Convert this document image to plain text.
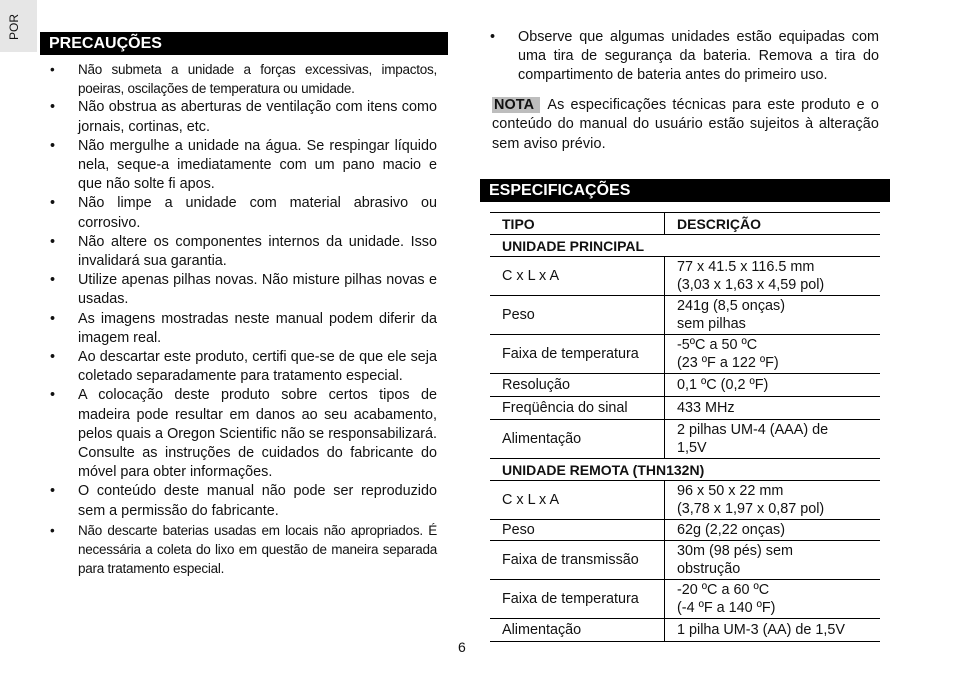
POR
PRECAUÇÕES
• Não submeta a unidade a forças excessivas, impactos, poeiras, oscilações de temperatura ou umidade.
• Não obstrua as aberturas de ventilação com itens como jornais, cortinas, etc.
• Não mergulhe a unidade na água. Se respingar líquido nela, seque-a imediatamente com um pano macio e que não solte fi apos.
• Não limpe a unidade com material abrasivo ou corrosivo.
• Não altere os componentes internos da unidade. Isso invalidará sua garantia.
• Utilize apenas pilhas novas. Não misture pilhas novas e usadas.
• As imagens mostradas neste manual podem diferir da imagem real.
• Ao descartar este produto, certifi que-se de que ele seja coletado separadamente para tratamento especial.
• A colocação deste produto sobre certos tipos de madeira pode resultar em danos ao seu acabamento, pelos quais a Oregon Scientific não se responsabilizará. Consulte as instruções de cuidados do fabricante do móvel para obter informações.
• O conteúdo deste manual não pode ser reproduzido sem a permissão do fabricante.
• Não descarte baterias usadas em locais não apropriados. É necessária a coleta do lixo em questão de maneira separada para tratamento especial.
• Observe que algumas unidades estão equipadas com uma tira de segurança da bateria. Remova a tira do compartimento de bateria antes do primeiro uso.
NOTA As especificações técnicas para este produto e o conteúdo do manual do usuário estão sujeitos à alteração sem aviso prévio.
ESPECIFICAÇÕES
TIPO	DESCRIÇÃO
UNIDADE PRINCIPAL	
C x L x A	77 x 41.5 x 116.5 mm
(3,03 x 1,63 x 4,59 pol)

Peso	241g (8,5 onças)
sem pilhas

Faixa de temperatura	-5ºC a 50 ºC
(23 ºF a 122 ºF)

Resolução	0,1 ºC (0,2 ºF)
Freqüência do sinal	433 MHz
Alimentação	2 pilhas UM-4 (AAA) de
1,5V

UNIDADE REMOTA (THN132N)	
C x L x A	96 x 50 x 22 mm
(3,78 x 1,97 x 0,87 pol)

Peso	62g (2,22 onças)
Faixa de transmissão	30m (98 pés) sem
obstrução

Faixa de temperatura	-20 ºC a 60 ºC
(-4 ºF a 140 ºF)

Alimentação	1 pilha UM-3 (AA) de 1,5V
6
